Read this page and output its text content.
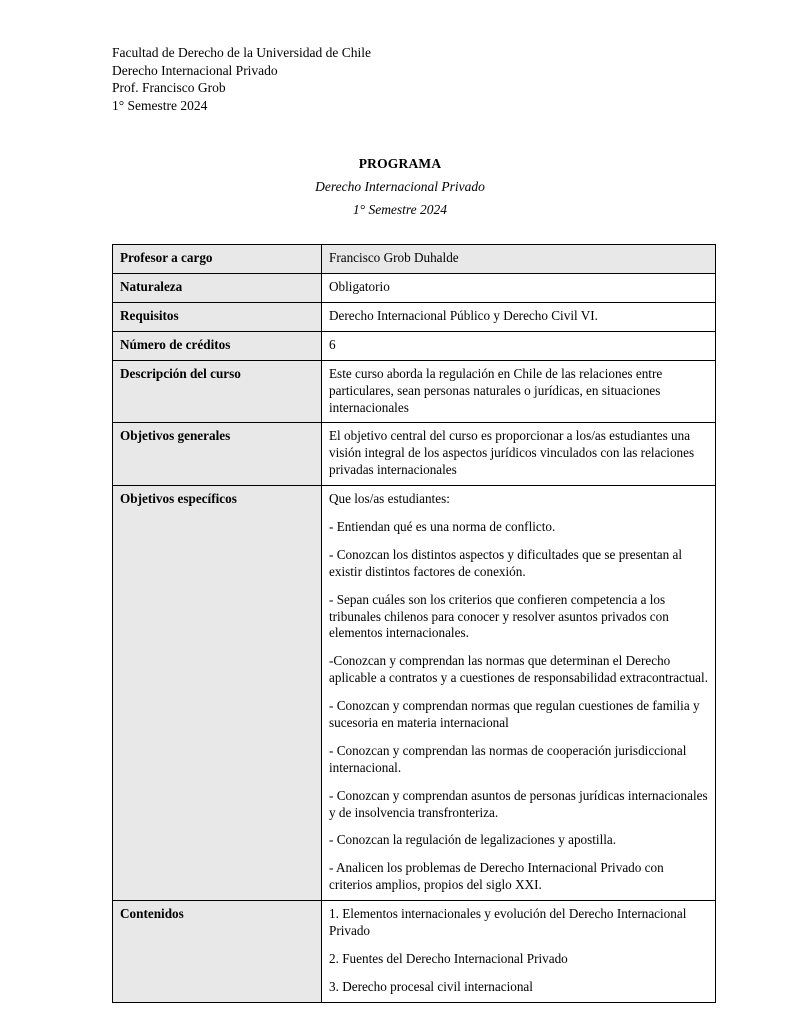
Facultad de Derecho de la Universidad de Chile
Derecho Internacional Privado
Prof. Francisco Grob
1° Semestre 2024
PROGRAMA
Derecho Internacional Privado
1° Semestre 2024
Profesor a cargo	Francisco Grob Duhalde

Naturaleza	Obligatorio

Requisitos	Derecho Internacional Público y Derecho Civil VI.

Número de créditos	6

Descripción del curso	Este curso aborda la regulación en Chile de las relaciones entre particulares, sean personas naturales o jurídicas, en situaciones internacionales

Objetivos generales	El objetivo central del curso es proporcionar a los/as estudiantes una visión integral de los aspectos jurídicos vinculados con las relaciones privadas internacionales

Objetivos específicos	Que los/as estudiantes:
- Entiendan qué es una norma de conflicto.
- Conozcan los distintos aspectos y dificultades que se presentan al existir distintos factores de conexión.
- Sepan cuáles son los criterios que confieren competencia a los tribunales chilenos para conocer y resolver asuntos privados con elementos internacionales.
-Conozcan y comprendan las normas que determinan el Derecho aplicable a contratos y a cuestiones de responsabilidad extracontractual.
- Conozcan y comprendan normas que regulan cuestiones de familia y sucesoria en materia internacional
- Conozcan y comprendan las normas de cooperación jurisdiccional internacional.
- Conozcan y comprendan asuntos de personas jurídicas internacionales y de insolvencia transfronteriza.
- Conozcan la regulación de legalizaciones y apostilla.
- Analicen los problemas de Derecho Internacional Privado con criterios amplios, propios del siglo XXI.

Contenidos	1. Elementos internacionales y evolución del Derecho Internacional Privado
2. Fuentes del Derecho Internacional Privado
3. Derecho procesal civil internacional
